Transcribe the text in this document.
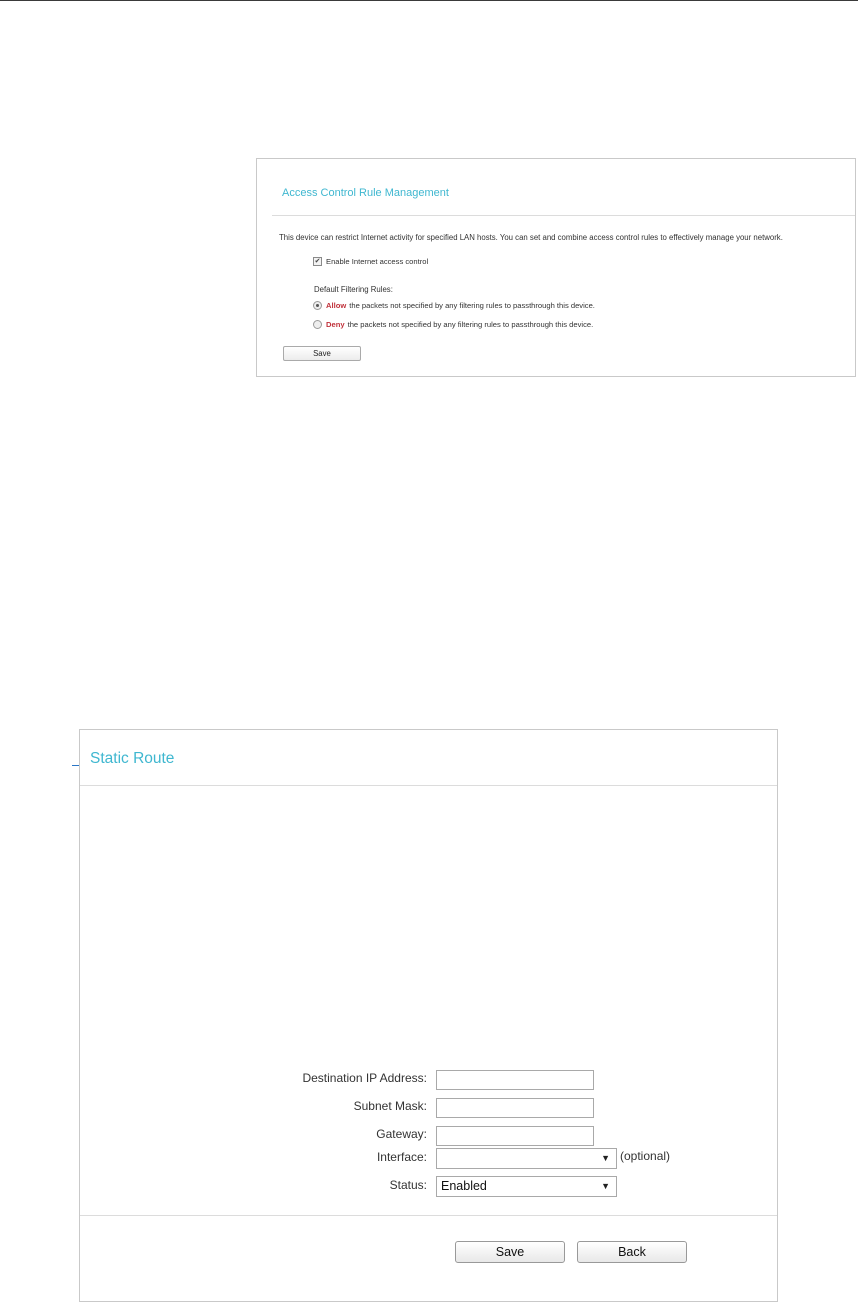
Access Control Rule Management
This device can restrict Internet activity for specified LAN hosts. You can set and combine access control rules to effectively manage your network.
✔ Enable Internet access control
Default Filtering Rules:
Allow the packets not specified by any filtering rules to passthrough this device.
Deny the packets not specified by any filtering rules to passthrough this device.
Save
Static Route
Destination IP Address:
Subnet Mask:
Gateway:
Interface:	▼ (optional)
Status:	Enabled	▼
Save	Back
